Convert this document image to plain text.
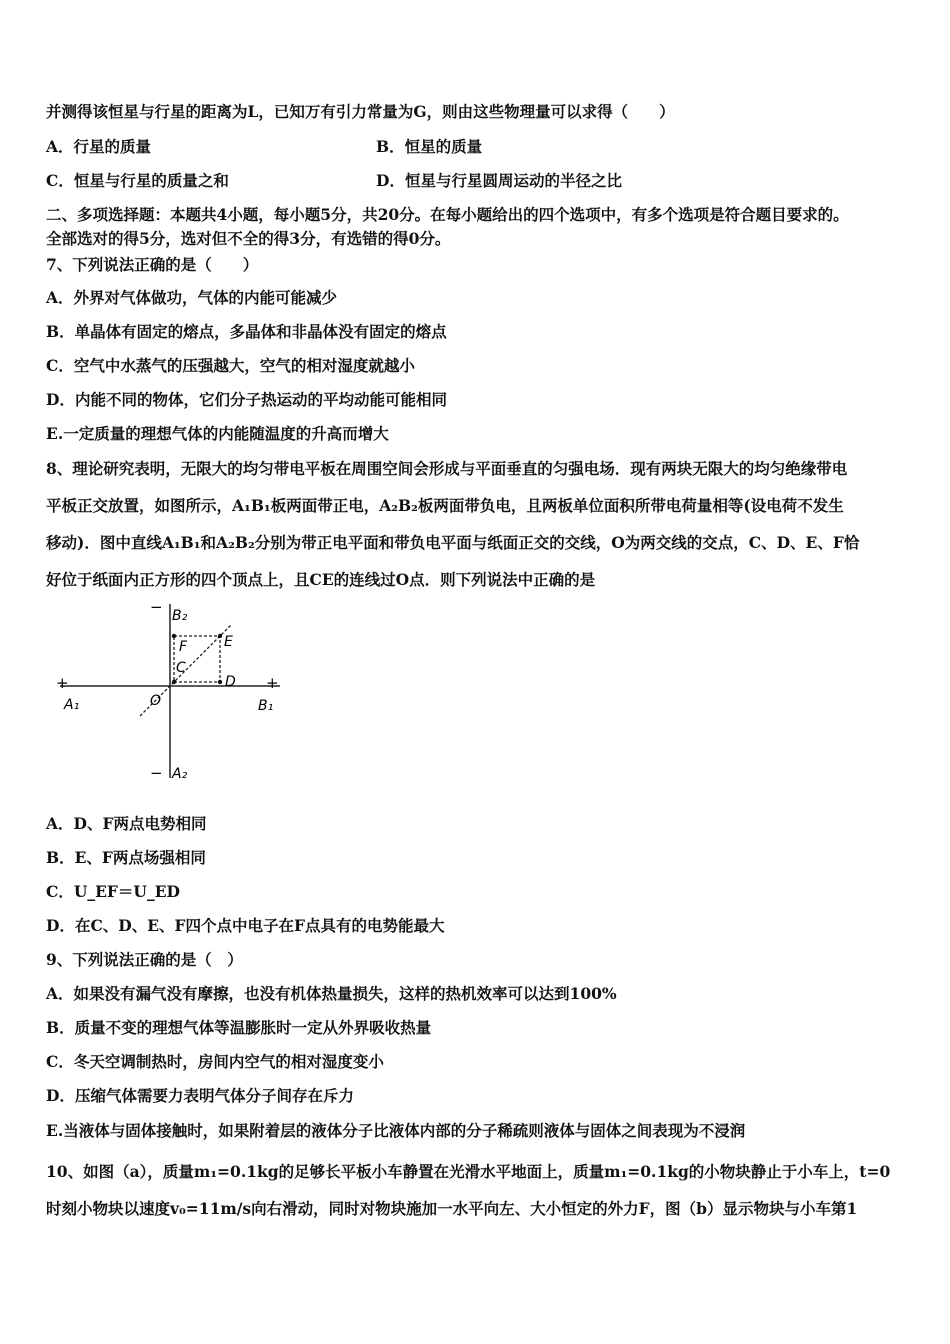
并测得该恒星与行星的距离为L，已知万有引力常量为G，则由这些物理量可以求得（　　）
A．行星的质量	B．恒星的质量
C．恒星与行星的质量之和	D．恒星与行星圆周运动的半径之比
二、多项选择题：本题共4小题，每小题5分，共20分。在每小题给出的四个选项中，有多个选项是符合题目要求的。
全部选对的得5分，选对但不全的得3分，有选错的得0分。
7、下列说法正确的是（　　）
A．外界对气体做功，气体的内能可能减少
B．单晶体有固定的熔点，多晶体和非晶体没有固定的熔点
C．空气中水蒸气的压强越大，空气的相对湿度就越小
D．内能不同的物体，它们分子热运动的平均动能可能相同
E.一定质量的理想气体的内能随温度的升高而增大
8、理论研究表明，无限大的均匀带电平板在周围空间会形成与平面垂直的匀强电场．现有两块无限大的均匀绝缘带电
平板正交放置，如图所示，A₁B₁板两面带正电，A₂B₂板两面带负电，且两板单位面积所带电荷量相等(设电荷不发生
移动)．图中直线A₁B₁和A₂B₂分别为带正电平面和带负电平面与纸面正交的交线，O为两交线的交点，C、D、E、F恰
好位于纸面内正方形的四个顶点上，且CE的连线过O点．则下列说法中正确的是
− B₂
− A₂
+
A₁
+
B₁
E
F
C
D
O
A．D、F两点电势相同
B．E、F两点场强相同
C．U_EF＝U_ED
D．在C、D、E、F四个点中电子在F点具有的电势能最大
9、下列说法正确的是（　）
A．如果没有漏气没有摩擦，也没有机体热量损失，这样的热机效率可以达到100%
B．质量不变的理想气体等温膨胀时一定从外界吸收热量
C．冬天空调制热时，房间内空气的相对湿度变小
D．压缩气体需要力表明气体分子间存在斥力
E.当液体与固体接触时，如果附着层的液体分子比液体内部的分子稀疏则液体与固体之间表现为不浸润
10、如图（a），质量m₁=0.1kg的足够长平板小车静置在光滑水平地面上，质量m₁=0.1kg的小物块静止于小车上，t=0
时刻小物块以速度v₀=11m/s向右滑动，同时对物块施加一水平向左、大小恒定的外力F，图（b）显示物块与小车第1
